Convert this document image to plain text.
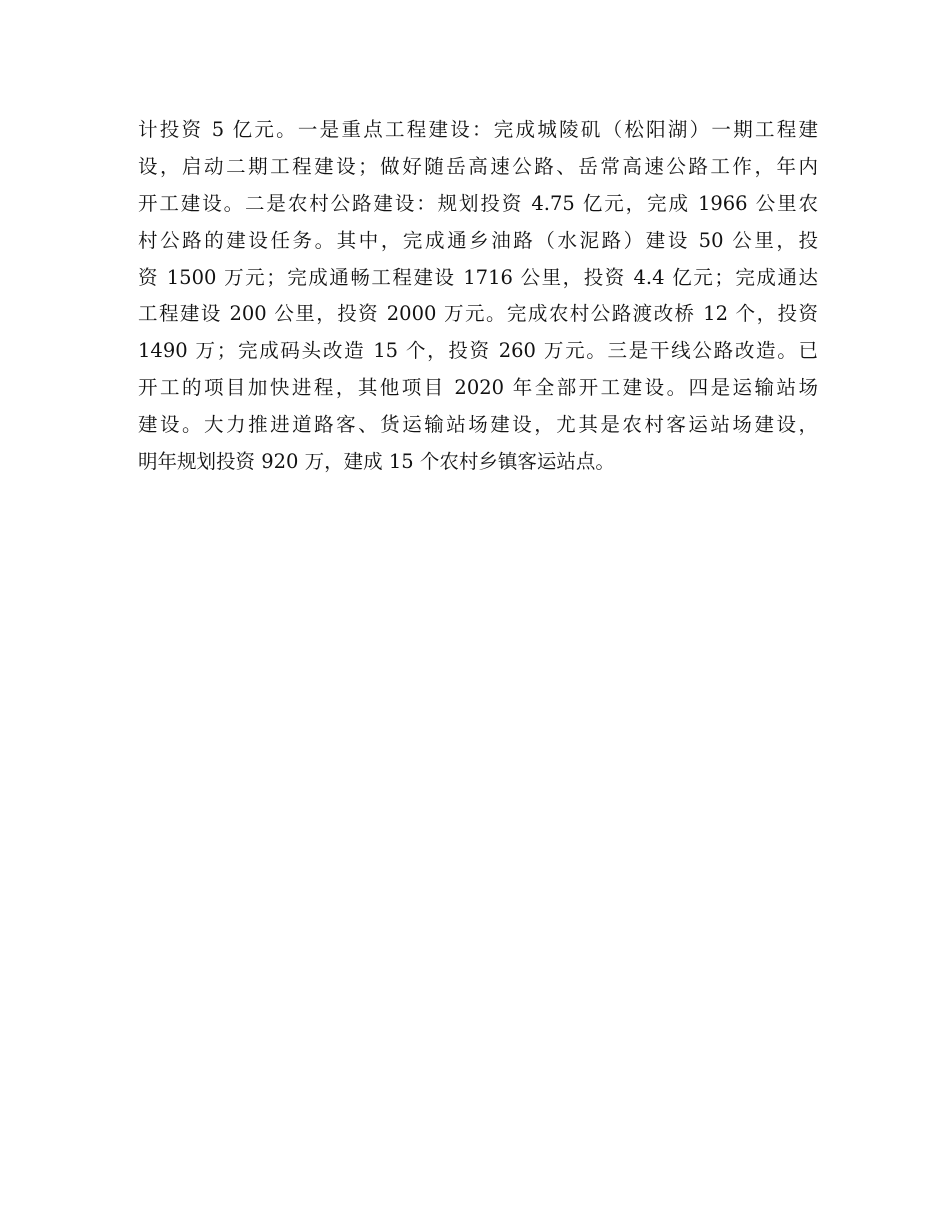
计投资 5 亿元。一是重点工程建设：完成城陵矶（松阳湖）一期工程建
设，启动二期工程建设；做好随岳高速公路、岳常高速公路工作，年内
开工建设。二是农村公路建设：规划投资 4.75 亿元，完成 1966 公里农
村公路的建设任务。其中，完成通乡油路（水泥路）建设 50 公里，投
资 1500 万元；完成通畅工程建设 1716 公里，投资 4.4 亿元；完成通达
工程建设 200 公里，投资 2000 万元。完成农村公路渡改桥 12 个，投资
1490 万；完成码头改造 15 个，投资 260 万元。三是干线公路改造。已
开工的项目加快进程，其他项目 2020 年全部开工建设。四是运输站场
建设。大力推进道路客、货运输站场建设，尤其是农村客运站场建设，
明年规划投资 920 万，建成 15 个农村乡镇客运站点。
